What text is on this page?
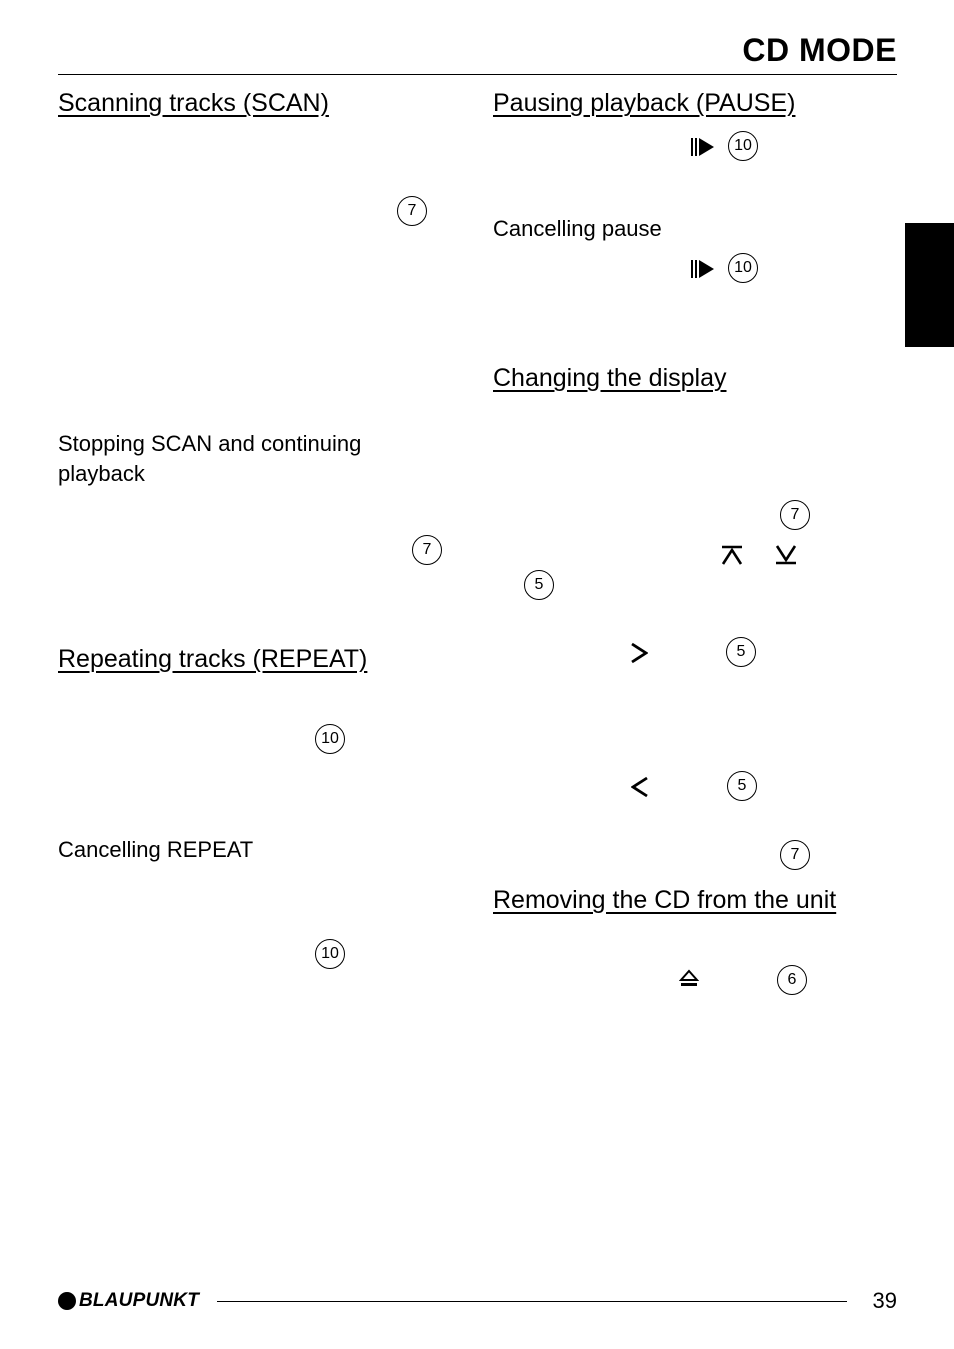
CD MODE
Scanning tracks (SCAN)
7
Stopping SCAN and continuing playback
7
Repeating tracks (REPEAT)
10
Cancelling REPEAT
10
Pausing playback (PAUSE)
10
Cancelling pause
10
Changing the display
7
5
5
5
7
Removing the CD from the unit
6
BLAUPUNKT	39
